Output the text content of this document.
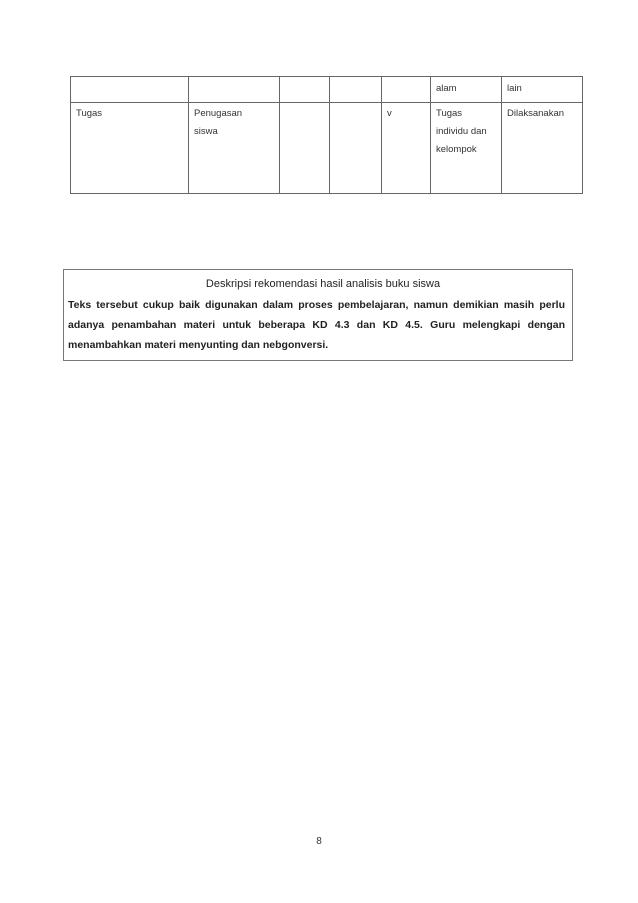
					alam	lain
Tugas	Penugasan siswa			v	Tugas individu dan kelompok	Dilaksanakan
Deskripsi rekomendasi hasil analisis buku siswa
Teks tersebut cukup baik digunakan dalam proses pembelajaran, namun demikian masih perlu adanya penambahan materi untuk beberapa KD 4.3 dan KD 4.5. Guru melengkapi dengan menambahkan materi menyunting dan nebgonversi.
8
